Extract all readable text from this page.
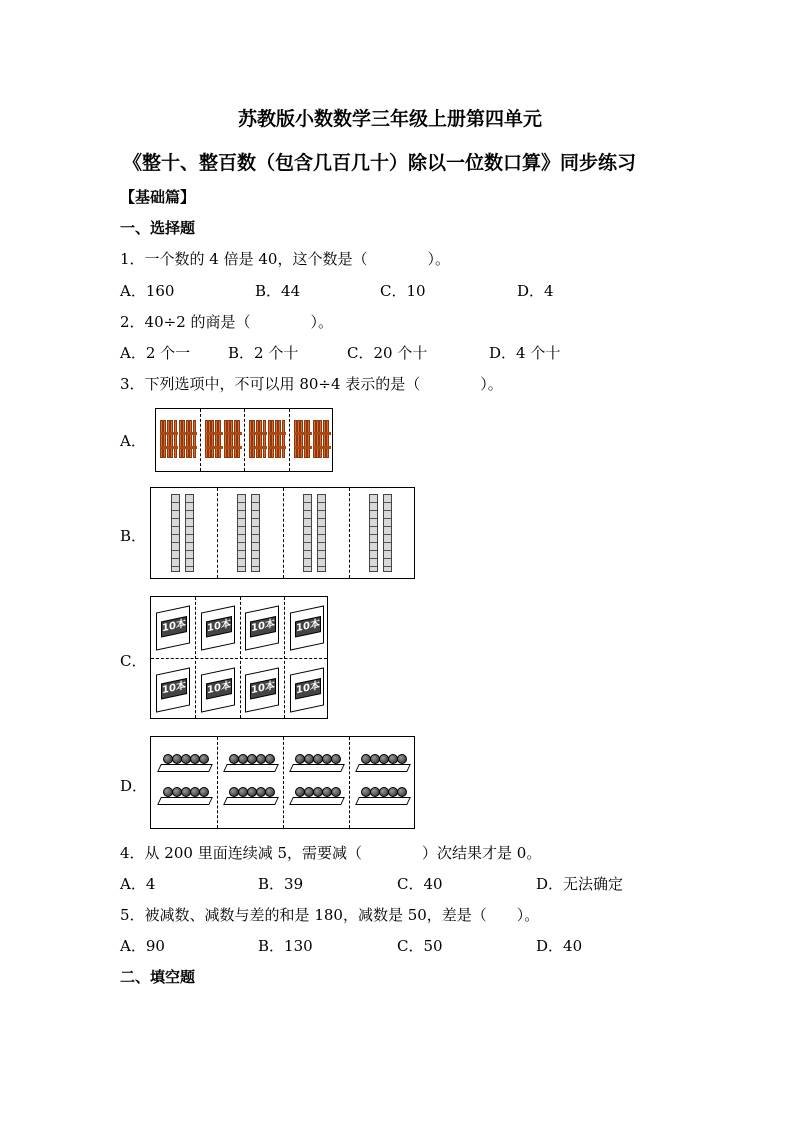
苏教版小数数学三年级上册第四单元
《整十、整百数（包含几百几十）除以一位数口算》同步练习
【基础篇】
一、选择题
1．一个数的 4 倍是 40，这个数是（　　　　）。
A．160	B．44	C．10	D．4
2．40÷2 的商是（　　　　）。
A．2 个一	B．2 个十	C．20 个十	D．4 个十
3．下列选项中，不可以用 80÷4 表示的是（　　　　）。
A．
B．
C．
10本 10本 10本 10本
10本 10本 10本 10本
D．
4．从 200 里面连续减 5，需要减（　　　　）次结果才是 0。
A．4	B．39	C．40	D．无法确定
5．被减数、减数与差的和是 180，减数是 50，差是（　　）。
A．90	B．130	C．50	D．40
二、填空题
